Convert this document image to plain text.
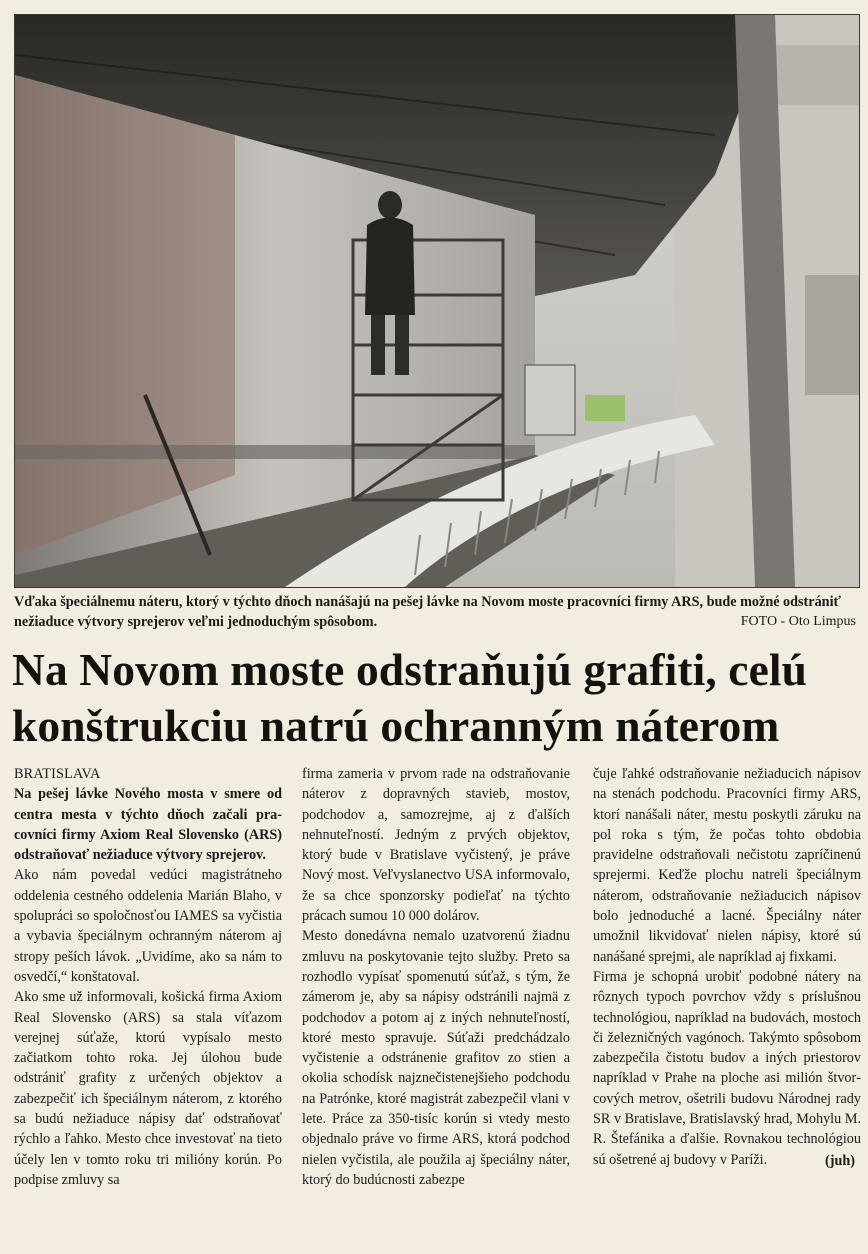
Vďaka špeciálnemu náteru, ktorý v týchto dňoch nanášajú na pešej lávke na Novom moste pracovníci firmy ARS, bude možné odstrániť nežiaduce výtvory sprejerov veľmi jednoduchým spôsobom.	FOTO - Oto Limpus
Na Novom moste odstraňujú grafiti, celú konštrukciu natrú ochranným náterom

BRATISLAVA

Na pešej lávke Nového mosta v smere od centra mesta v týchto dňoch začali pracovníci firmy Axiom Real Slovensko (ARS) odstraňovať nežiaduce výtvory sprejerov.

Ako nám povedal vedúci magistrátneho oddelenia cestného oddelenia Marián Blaho, v spolupráci so spoločnosťou IAMES sa vyčistia a vybavia špeciálnym ochranným náterom aj stropy peších lávok. „Uvidíme, ako sa nám to osvedčí,“ konštatoval.

Ako sme už informovali, košická firma Axiom Real Slovensko (ARS) sa stala víťazom verejnej súťaže, ktorú vypísalo mesto začiatkom tohto roka. Jej úlohou bude odstrániť grafity z určených objektov a zabezpečiť ich špeciálnym náterom, z ktorého sa budú nežiaduce nápisy dať odstraňovať rýchlo a ľahko. Mesto chce investovať na tieto účely len v tomto roku tri milióny korún. Po podpise zmluvy sa

firma zameria v prvom rade na odstraňovanie náterov z dopravných stavieb, mostov, podchodov a, samozrejme, aj z ďalších nehnuteľností. Jedným z prvých objektov, ktorý bude v Bratislave vyčistený, je práve Nový most. Veľvyslanectvo USA informovalo, že sa chce sponzorsky podieľať na týchto prácach sumou 10 000 dolárov.

Mesto donedávna nemalo uzatvorenú žiadnu zmluvu na poskytovanie tejto služby. Preto sa rozhodlo vypísať spomenutú súťaž, s tým, že zámerom je, aby sa nápisy odstránili najmä z podchodov a potom aj z iných nehnuteľností, ktoré mesto spravuje. Súťaži predchádzalo vyčistenie a odstránenie grafitov zo stien a okolia schodísk najznečistenejšieho podchodu na Patrónke, ktoré magistrát zabezpečil vlani v lete. Práce za 350-tisíc korún si vtedy mesto objednalo práve vo firme ARS, ktorá podchod nielen vyčistila, ale použila aj špeciálny náter, ktorý do budúcnosti zabezpe

čuje ľahké odstraňovanie nežiaducich nápisov na stenách podchodu. Pracovníci firmy ARS, ktorí nanášali náter, mestu poskytli záruku na pol roka s tým, že počas tohto obdobia pravidelne odstraňovali nečistotu zapríčinenú sprejermi. Keďže plochu natreli špeciálnym náterom, odstraňovanie nežiaducich nápisov bolo jednoduché a lacné. Špeciálny náter umožnil likvidovať nielen nápisy, ktoré sú nanášané sprejmi, ale napríklad aj fixkami.

Firma je schopná urobiť podobné nátery na rôznych typoch povrchov vždy s príslušnou technológiou, napríklad na budovách, mostoch či železničných vagónoch. Takýmto spôsobom zabezpečila čistotu budov a iných priestorov napríklad v Prahe na ploche asi milión štvorcových metrov, ošetrili budovu Národnej rady SR v Bratislave, Bratislavský hrad, Mohylu M. R. Štefánika a ďalšie. Rovnakou technológiou sú ošetrené aj budovy v Paríži.	(juh)
